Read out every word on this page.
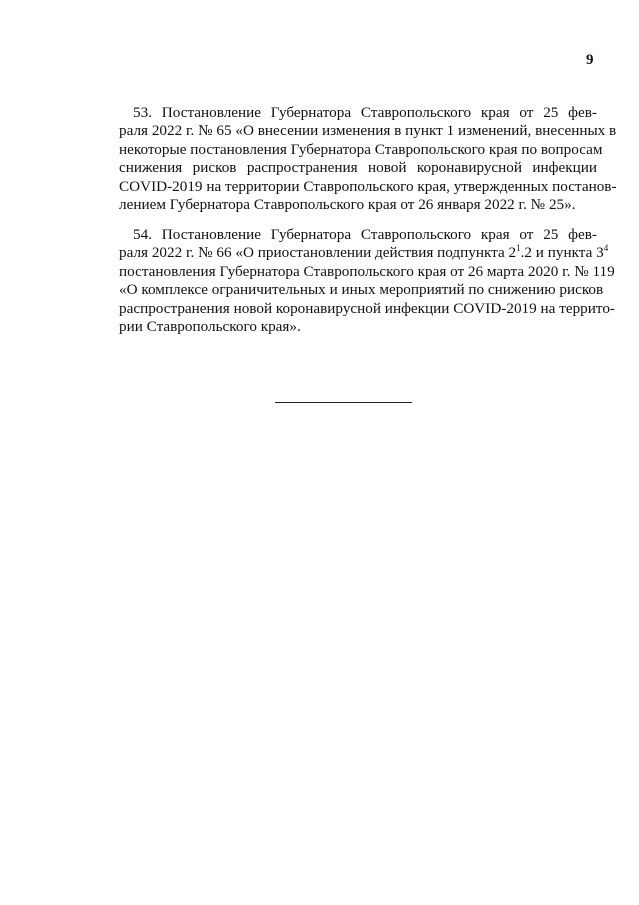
9
53. Постановление Губернатора Ставропольского края от 25 фев-
раля 2022 г. № 65 «О внесении изменения в пункт 1 изменений, внесенных в
некоторые постановления Губернатора Ставропольского края по вопросам
снижения рисков распространения новой коронавирусной инфекции
COVID-2019 на территории Ставропольского края, утвержденных постанов-
лением Губернатора Ставропольского края от 26 января 2022 г. № 25».
54. Постановление Губернатора Ставропольского края от 25 фев-
раля 2022 г. № 66 «О приостановлении действия подпункта $2^1.2$ и пункта $3^4$
постановления Губернатора Ставропольского края от 26 марта 2020 г. № 119
«О комплексе ограничительных и иных мероприятий по снижению рисков
распространения новой коронавирусной инфекции COVID-2019 на террито-
рии Ставропольского края».
